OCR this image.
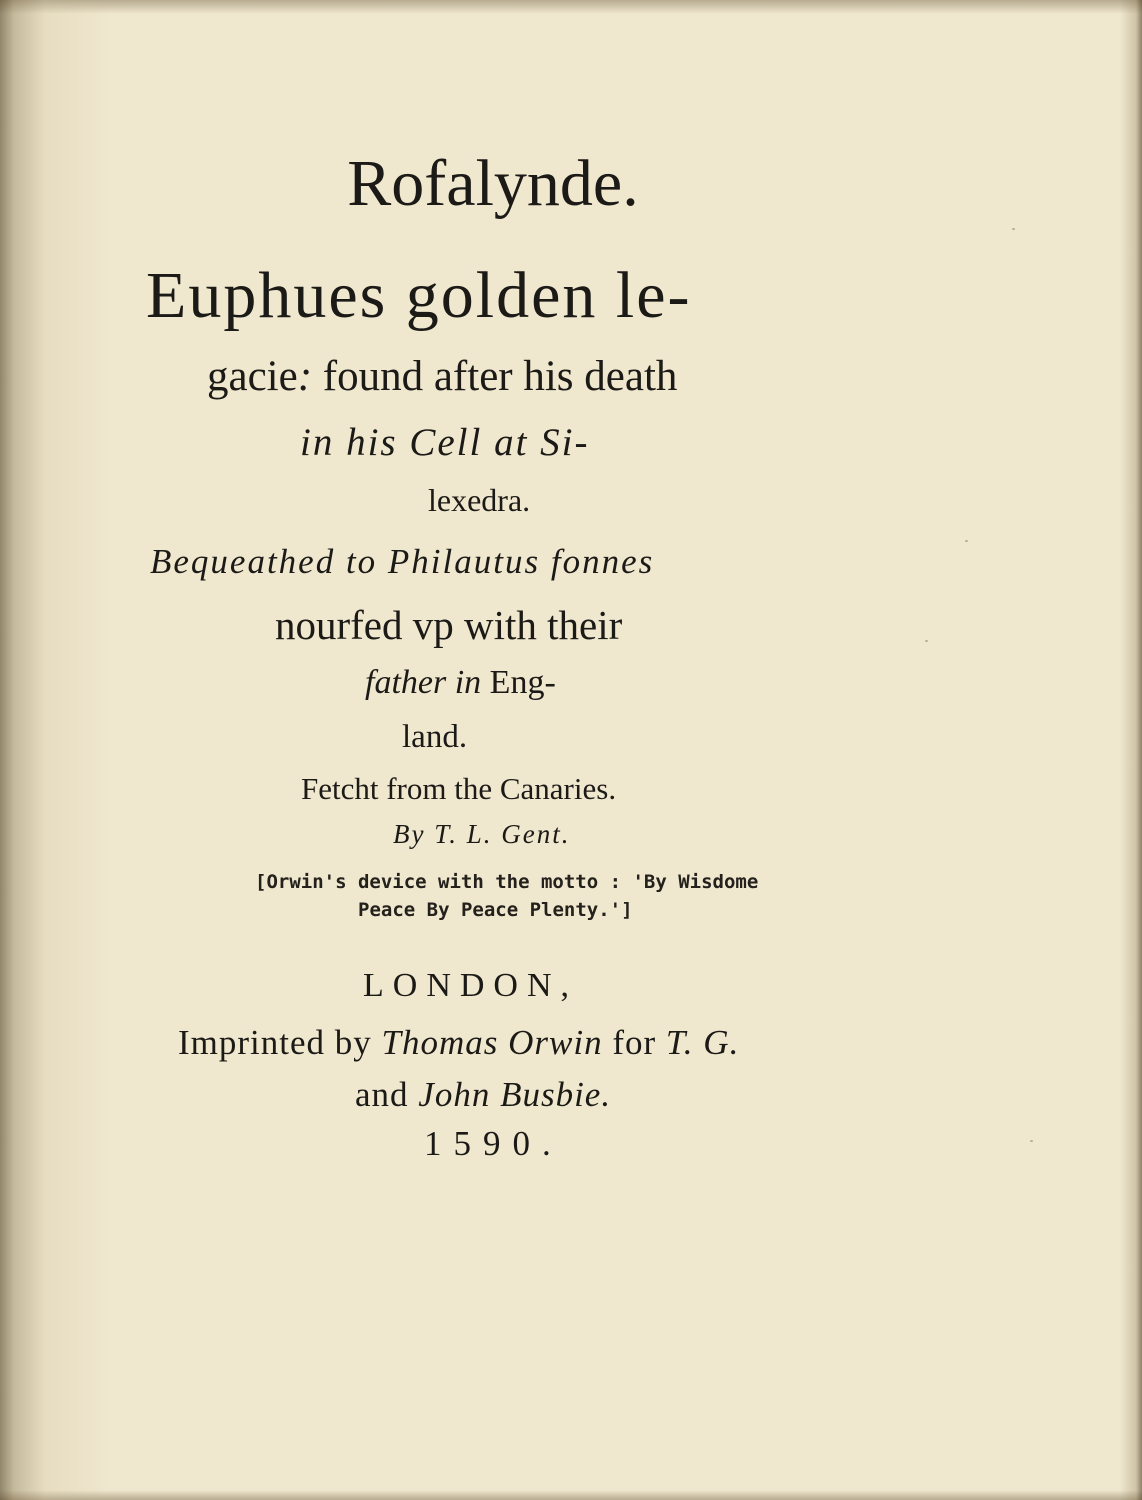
Rofalynde.
Euphues golden le-
gacie: found after his death
in his Cell at Si-
lexedra.
Bequeathed to Philautus fonnes
nourfed vp with their
father in Eng-
land.
Fetcht from the Canaries.
By T. L. Gent.
[Orwin's device with the motto : 'By Wisdome
Peace By Peace Plenty.']
LONDON,
Imprinted by Thomas Orwin for T. G.
and John Busbie.
1590.
